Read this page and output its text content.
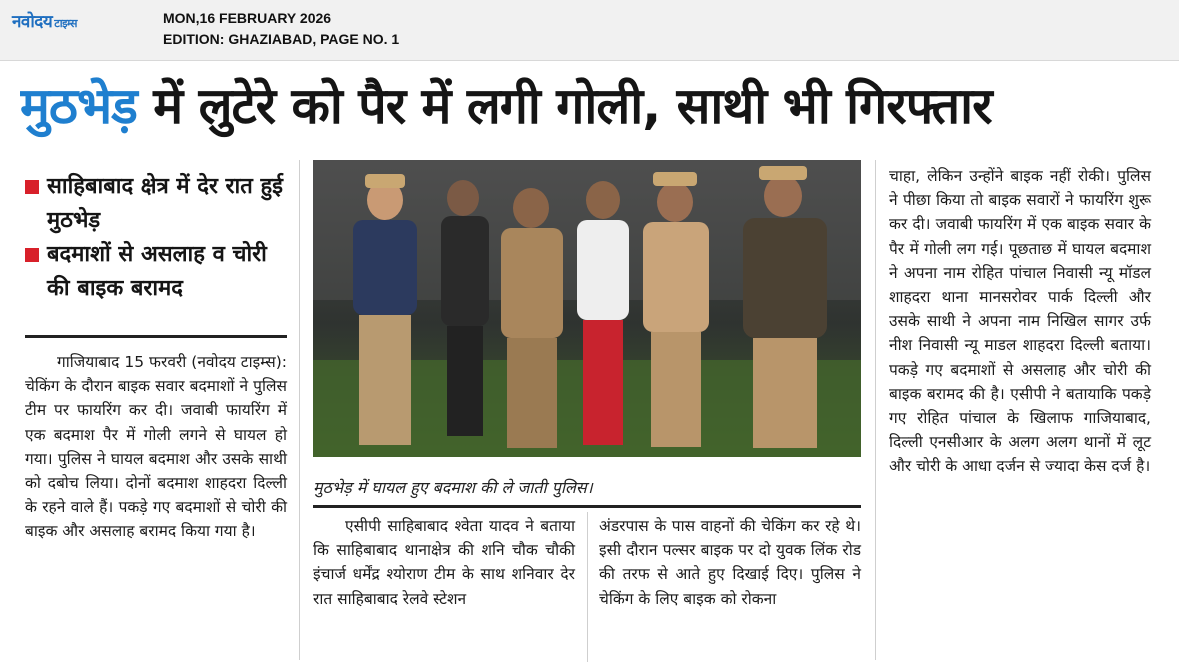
नवोदय टाइम्स	MON,16 FEBRUARY 2026
EDITION: GHAZIABAD, PAGE NO. 1
मुठभेड़ में लुटेरे को पैर में लगी गोली, साथी भी गिरफ्तार
साहिबाबाद क्षेत्र में देर रात हुई मुठभेड़
बदमाशों से असलाह व चोरी की बाइक बरामद

गाजियाबाद 15 फरवरी (नवोदय टाइम्स): चेकिंग के दौरान बाइक सवार बदमाशों ने पुलिस टीम पर फायरिंग कर दी। जवाबी फायरिंग में एक बदमाश पैर में गोली लगने से घायल हो गया। पुलिस ने घायल बदमाश और उसके साथी को दबोच लिया। दोनों बदमाश शाहदरा दिल्ली के रहने वाले हैं। पकड़े गए बदमाशों से चोरी की बाइक और असलाह बरामद किया गया है।

मुठभेड़ में घायल हुए बदमाश की ले जाती पुलिस।

एसीपी साहिबाबाद श्वेता यादव ने बताया कि साहिबाबाद थानाक्षेत्र की शनि चौक चौकी इंचार्ज धर्मेंद्र श्योराण टीम के साथ शनिवार देर रात साहिबाबाद रेलवे स्टेशन

अंडरपास के पास वाहनों की चेकिंग कर रहे थे। इसी दौरान पल्सर बाइक पर दो युवक लिंक रोड की तरफ से आते हुए दिखाई दिए। पुलिस ने चेकिंग के लिए बाइक को रोकना

चाहा, लेकिन उन्होंने बाइक नहीं रोकी। पुलिस ने पीछा किया तो बाइक सवारों ने फायरिंग शुरू कर दी। जवाबी फायरिंग में एक बाइक सवार के पैर में गोली लग गई। पूछताछ में घायल बदमाश ने अपना नाम रोहित पांचाल निवासी न्यू मॉडल शाहदरा थाना मानसरोवर पार्क दिल्ली और उसके साथी ने अपना नाम निखिल सागर उर्फ नीश निवासी न्यू माडल शाहदरा दिल्ली बताया। पकड़े गए बदमाशों से असलाह और चोरी की बाइक बरामद की है। एसीपी ने बतायाकि पकड़े गए रोहित पांचाल के खिलाफ गाजियाबाद, दिल्ली एनसीआर के अलग अलग थानों में लूट और चोरी के आधा दर्जन से ज्यादा केस दर्ज है।
